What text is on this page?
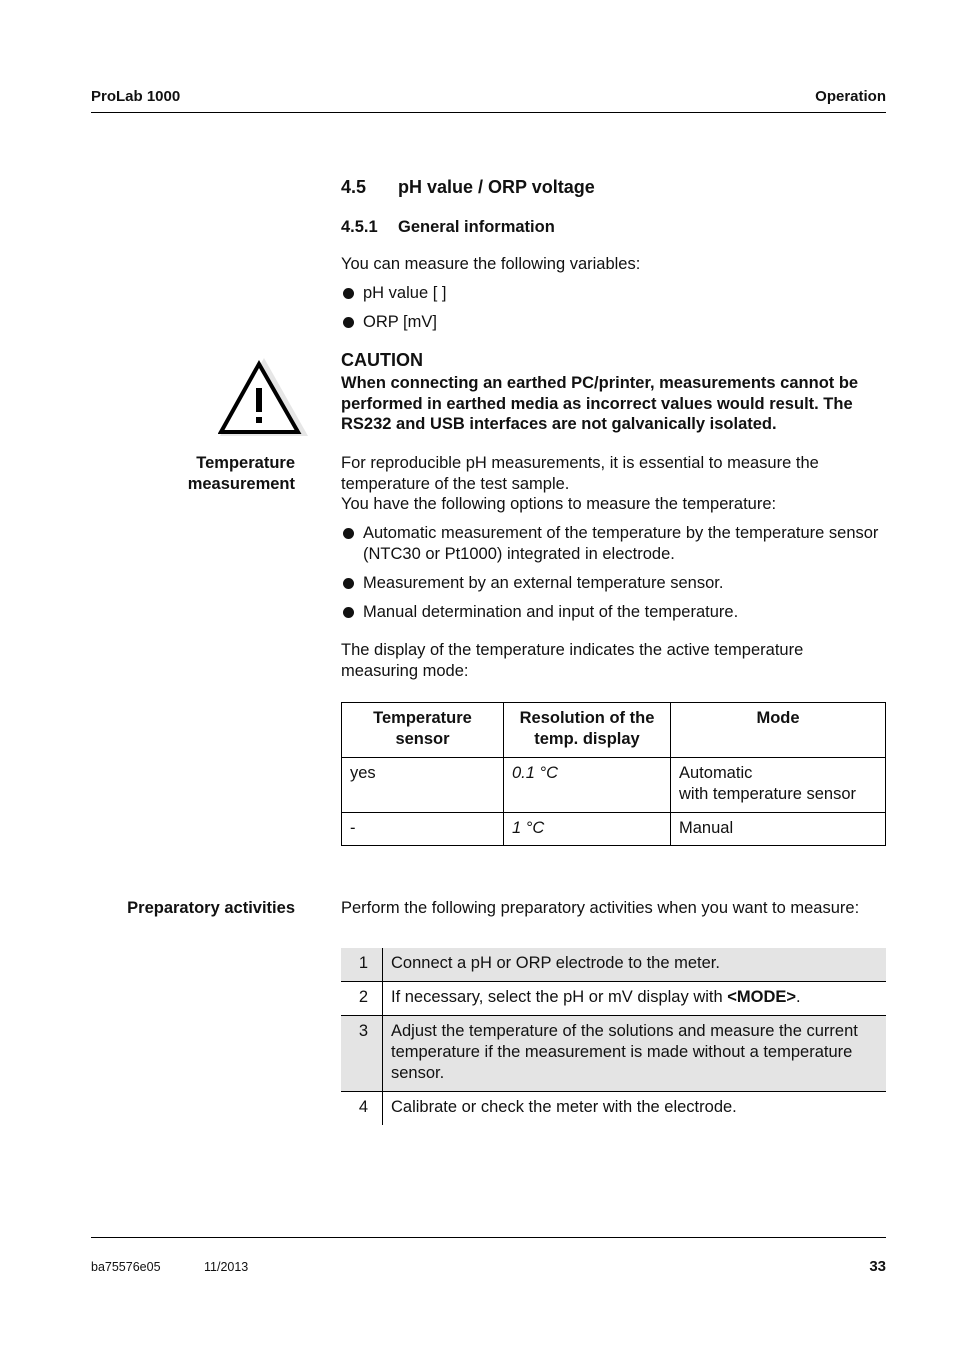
ProLab 1000	Operation
4.5 pH value / ORP voltage
4.5.1 General information
You can measure the following variables:
pH value [ ]
ORP [mV]
CAUTION
When connecting an earthed PC/printer, measurements cannot be performed in earthed media as incorrect values would result. The RS232 and USB interfaces are not galvanically isolated.
Temperature
measurement
For reproducible pH measurements, it is essential to measure the temperature of the test sample.
You have the following options to measure the temperature:
Automatic measurement of the temperature by the temperature sensor (NTC30 or Pt1000) integrated in electrode.
Measurement by an external temperature sensor.
Manual determination and input of the temperature.
The display of the temperature indicates the active temperature measuring mode:
Temperature sensor	Resolution of the temp. display	Mode
yes	0.1 °C	Automatic
with temperature sensor

-	1 °C	Manual
Preparatory activities	Perform the following preparatory activities when you want to measure:
1	Connect a pH or ORP electrode to the meter.
2	If necessary, select the pH or mV display with <MODE>.
3	Adjust the temperature of the solutions and measure the current temperature if the measurement is made without a temperature sensor.
4	Calibrate or check the meter with the electrode.
ba75576e05	11/2013	33
